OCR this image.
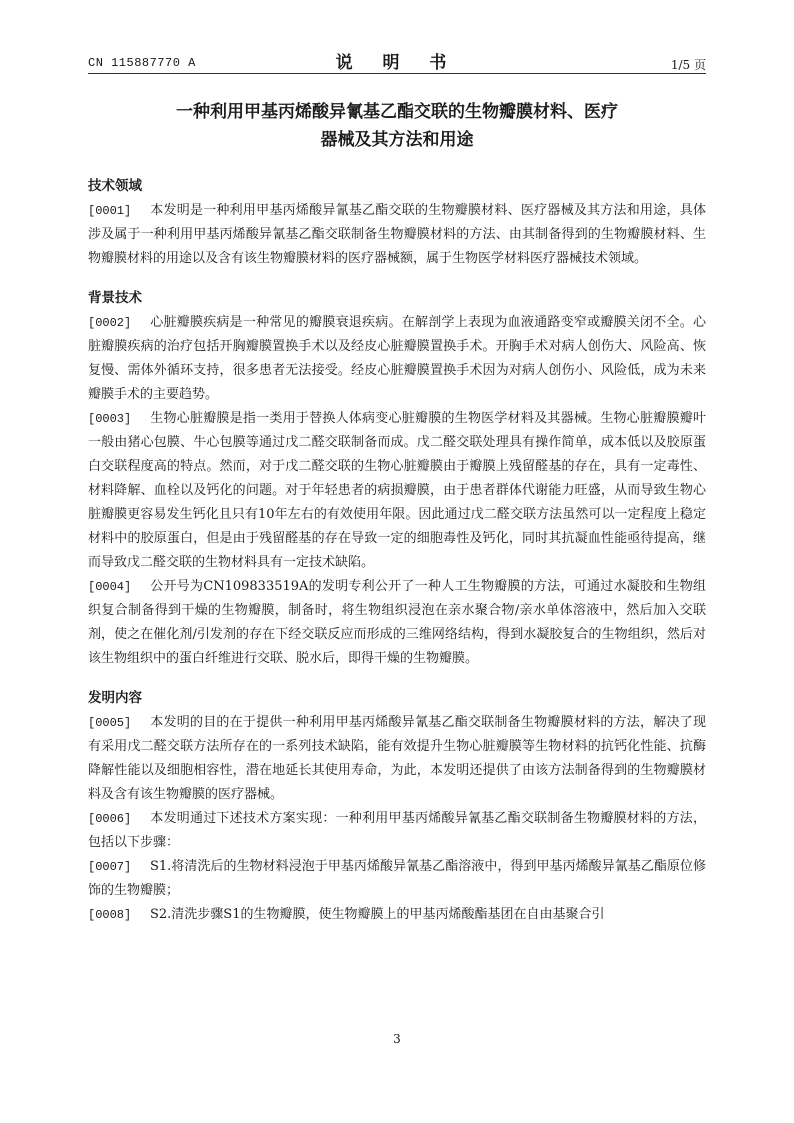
CN 115887770 A	说 明 书	1/5 页
一种利用甲基丙烯酸异氰基乙酯交联的生物瓣膜材料、医疗
器械及其方法和用途
技术领域
[0001] 本发明是一种利用甲基丙烯酸异氰基乙酯交联的生物瓣膜材料、医疗器械及其方法和用途，具体涉及属于一种利用甲基丙烯酸异氰基乙酯交联制备生物瓣膜材料的方法、由其制备得到的生物瓣膜材料、生物瓣膜材料的用途以及含有该生物瓣膜材料的医疗器械额，属于生物医学材料医疗器械技术领域。
背景技术
[0002] 心脏瓣膜疾病是一种常见的瓣膜衰退疾病。在解剖学上表现为血液通路变窄或瓣膜关闭不全。心脏瓣膜疾病的治疗包括开胸瓣膜置换手术以及经皮心脏瓣膜置换手术。开胸手术对病人创伤大、风险高、恢复慢、需体外循环支持，很多患者无法接受。经皮心脏瓣膜置换手术因为对病人创伤小、风险低，成为未来瓣膜手术的主要趋势。
[0003] 生物心脏瓣膜是指一类用于替换人体病变心脏瓣膜的生物医学材料及其器械。生物心脏瓣膜瓣叶一般由猪心包膜、牛心包膜等通过戊二醛交联制备而成。戊二醛交联处理具有操作简单，成本低以及胶原蛋白交联程度高的特点。然而，对于戊二醛交联的生物心脏瓣膜由于瓣膜上残留醛基的存在，具有一定毒性、材料降解、血栓以及钙化的问题。对于年轻患者的病损瓣膜，由于患者群体代谢能力旺盛，从而导致生物心脏瓣膜更容易发生钙化且只有10年左右的有效使用年限。因此通过戊二醛交联方法虽然可以一定程度上稳定材料中的胶原蛋白，但是由于残留醛基的存在导致一定的细胞毒性及钙化，同时其抗凝血性能亟待提高，继而导致戊二醛交联的生物材料具有一定技术缺陷。
[0004] 公开号为CN109833519A的发明专利公开了一种人工生物瓣膜的方法，可通过水凝胶和生物组织复合制备得到干燥的生物瓣膜，制备时，将生物组织浸泡在亲水聚合物/亲水单体溶液中，然后加入交联剂，使之在催化剂/引发剂的存在下经交联反应而形成的三维网络结构，得到水凝胶复合的生物组织，然后对该生物组织中的蛋白纤维进行交联、脱水后，即得干燥的生物瓣膜。
发明内容
[0005] 本发明的目的在于提供一种利用甲基丙烯酸异氰基乙酯交联制备生物瓣膜材料的方法，解决了现有采用戊二醛交联方法所存在的一系列技术缺陷，能有效提升生物心脏瓣膜等生物材料的抗钙化性能、抗酶降解性能以及细胞相容性，潜在地延长其使用寿命，为此，本发明还提供了由该方法制备得到的生物瓣膜材料及含有该生物瓣膜的医疗器械。
[0006] 本发明通过下述技术方案实现：一种利用甲基丙烯酸异氰基乙酯交联制备生物瓣膜材料的方法，包括以下步骤：
[0007] S1.将清洗后的生物材料浸泡于甲基丙烯酸异氰基乙酯溶液中，得到甲基丙烯酸异氰基乙酯原位修饰的生物瓣膜；
[0008] S2.清洗步骤S1的生物瓣膜，使生物瓣膜上的甲基丙烯酸酯基团在自由基聚合引
3
